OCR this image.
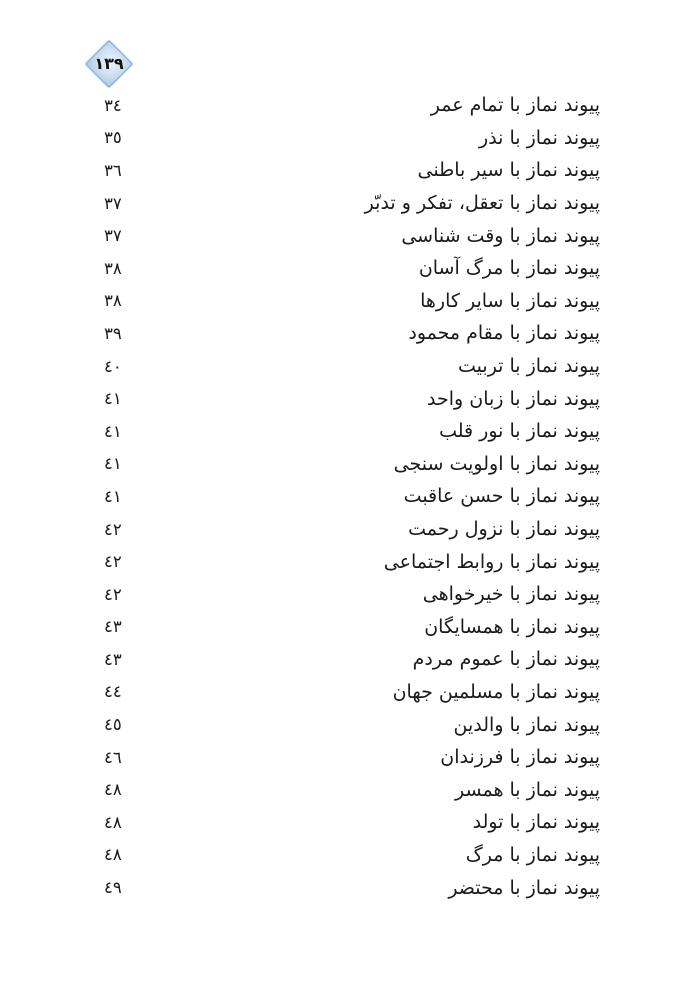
۱۳۹
پیوند نماز با تمام عمر
٣٤
پیوند نماز با نذر
٣٥
پیوند نماز با سیر باطنی
٣٦
پیوند نماز با تعقل، تفکر و تدبّر
٣٧
پیوند نماز با وقت شناسی
٣٧
پیوند نماز با مرگ آسان
٣٨
پیوند نماز با سایر کارها
٣٨
پیوند نماز با مقام محمود
٣٩
پیوند نماز با تربیت
٤٠
پیوند نماز با زبان واحد
٤١
پیوند نماز با نور قلب
٤١
پیوند نماز با اولویت سنجی
٤١
پیوند نماز با حسن عاقبت
٤١
پیوند نماز با نزول رحمت
٤٢
پیوند نماز با روابط اجتماعی
٤٢
پیوند نماز با خیرخواهی
٤٢
پیوند نماز با همسایگان
٤٣
پیوند نماز با عموم مردم
٤٣
پیوند نماز با مسلمین جهان
٤٤
پیوند نماز با والدین
٤٥
پیوند نماز با فرزندان
٤٦
پیوند نماز با همسر
٤٨
پیوند نماز با تولد
٤٨
پیوند نماز با مرگ
٤٨
پیوند نماز با محتضر
٤٩
